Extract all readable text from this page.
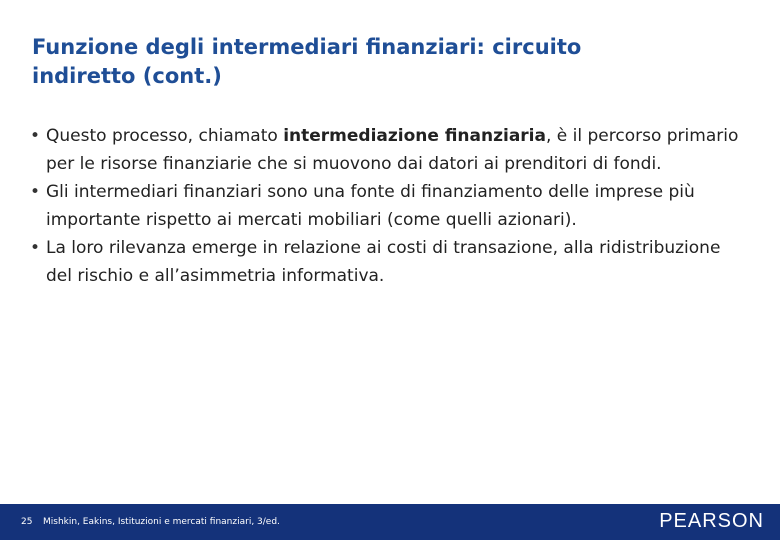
Funzione degli intermediari finanziari: circuito
indiretto (cont.)
• Questo processo, chiamato intermediazione finanziaria, è il percorso primario per le risorse finanziarie che si muovono dai datori ai prenditori di fondi.
• Gli intermediari finanziari sono una fonte di finanziamento delle imprese più importante rispetto ai mercati mobiliari (come quelli azionari).
• La loro rilevanza emerge in relazione ai costi di transazione, alla ridistribuzione del rischio e all’asimmetria informativa.
25 Mishkin, Eakins, Istituzioni e mercati finanziari, 3/ed.	PEARSON
